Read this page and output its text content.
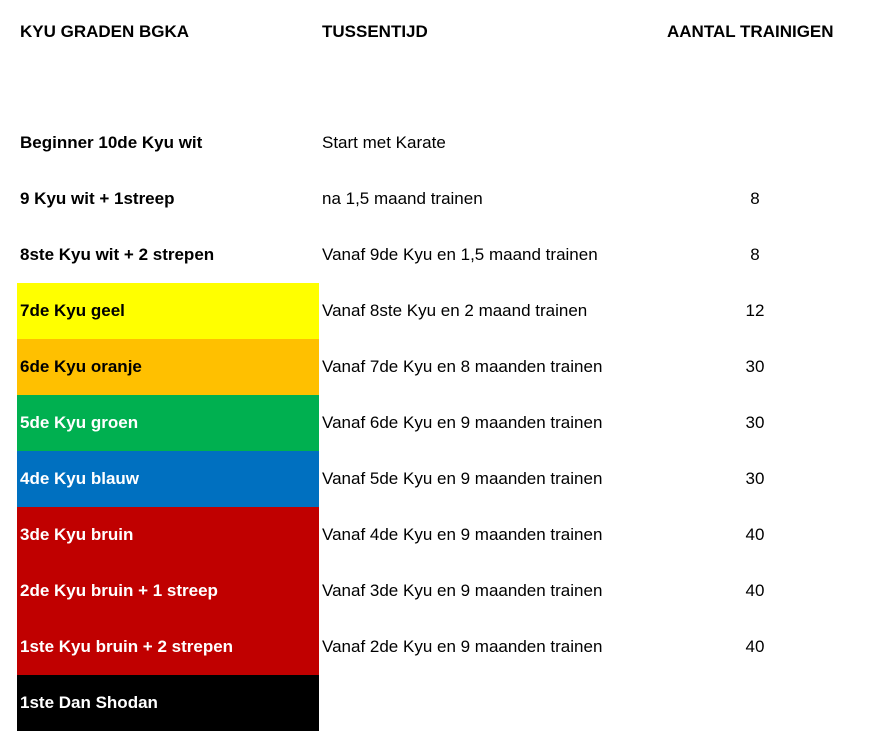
KYU GRADEN BGKA	TUSSENTIJD	AANTAL TRAINIGEN
Beginner 10de Kyu wit	Start met Karate
9 Kyu wit + 1streep	na 1,5 maand trainen	8
8ste Kyu wit + 2 strepen	Vanaf 9de Kyu en 1,5 maand trainen	8
7de Kyu geel	Vanaf 8ste Kyu en 2 maand trainen	12
6de Kyu oranje	Vanaf 7de Kyu en 8 maanden trainen	30
5de Kyu groen	Vanaf 6de Kyu en 9 maanden trainen	30
4de Kyu blauw	Vanaf 5de Kyu en 9 maanden trainen	30
3de Kyu bruin	Vanaf 4de Kyu en 9 maanden trainen	40
2de Kyu bruin + 1 streep	Vanaf 3de Kyu en 9 maanden trainen	40
1ste Kyu bruin + 2 strepen	Vanaf 2de Kyu en 9 maanden trainen	40
1ste Dan Shodan
